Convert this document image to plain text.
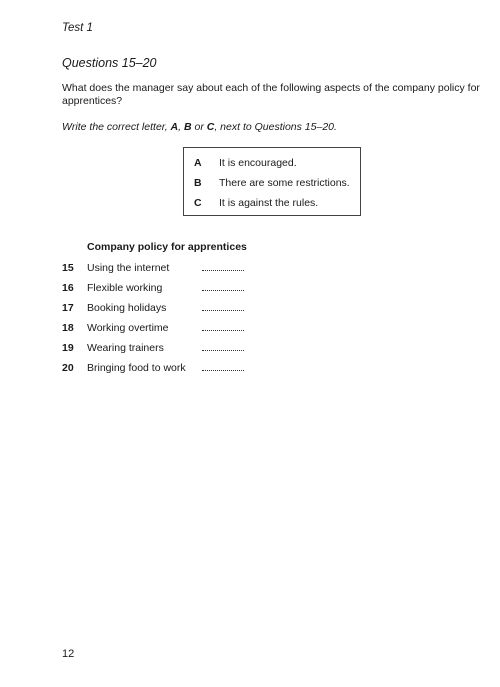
Test 1
Questions 15–20
What does the manager say about each of the following aspects of the company policy for apprentices?
Write the correct letter, A, B or C, next to Questions 15–20.
A	It is encouraged.
B	There are some restrictions.
C	It is against the rules.
Company policy for apprentices
15 Using the internet
16 Flexible working
17 Booking holidays
18 Working overtime
19 Wearing trainers
20 Bringing food to work
12
